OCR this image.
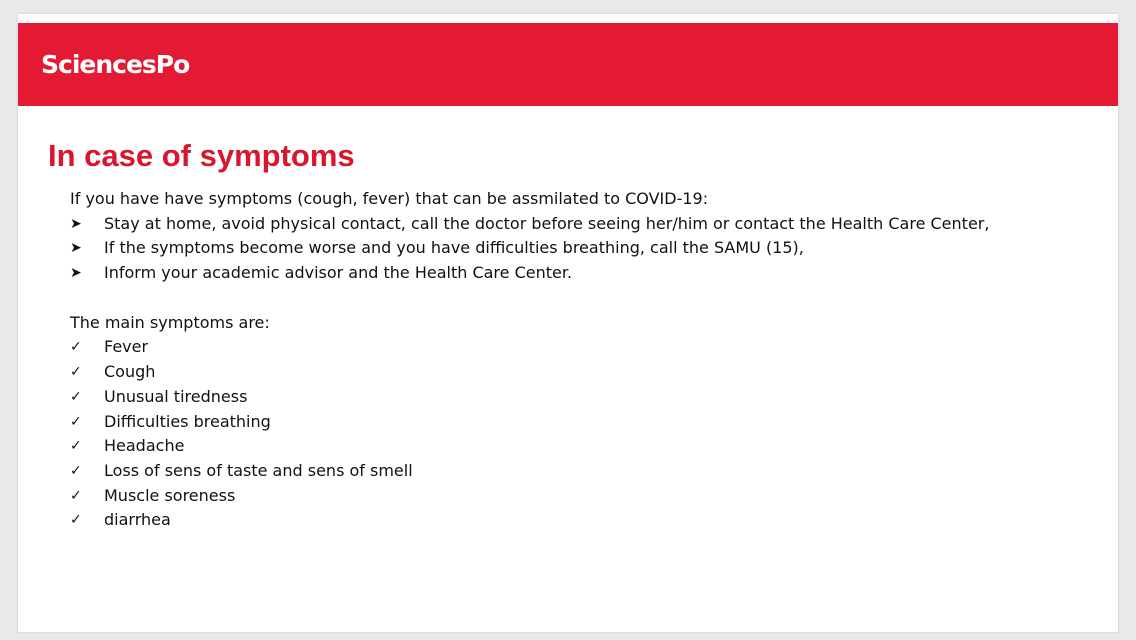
SciencesPo
In case of symptoms
If you have have symptoms (cough, fever) that can be assmilated to COVID-19:
➤	Stay at home, avoid physical contact, call the doctor before seeing her/him or contact the Health Care Center,
➤	If the symptoms become worse and you have difficulties breathing, call the SAMU (15),
➤	Inform your academic advisor and the Health Care Center.
The main symptoms are:
✓	Fever
✓	Cough
✓	Unusual tiredness
✓	Difficulties breathing
✓	Headache
✓	Loss of sens of taste and sens of smell
✓	Muscle soreness
✓	diarrhea
